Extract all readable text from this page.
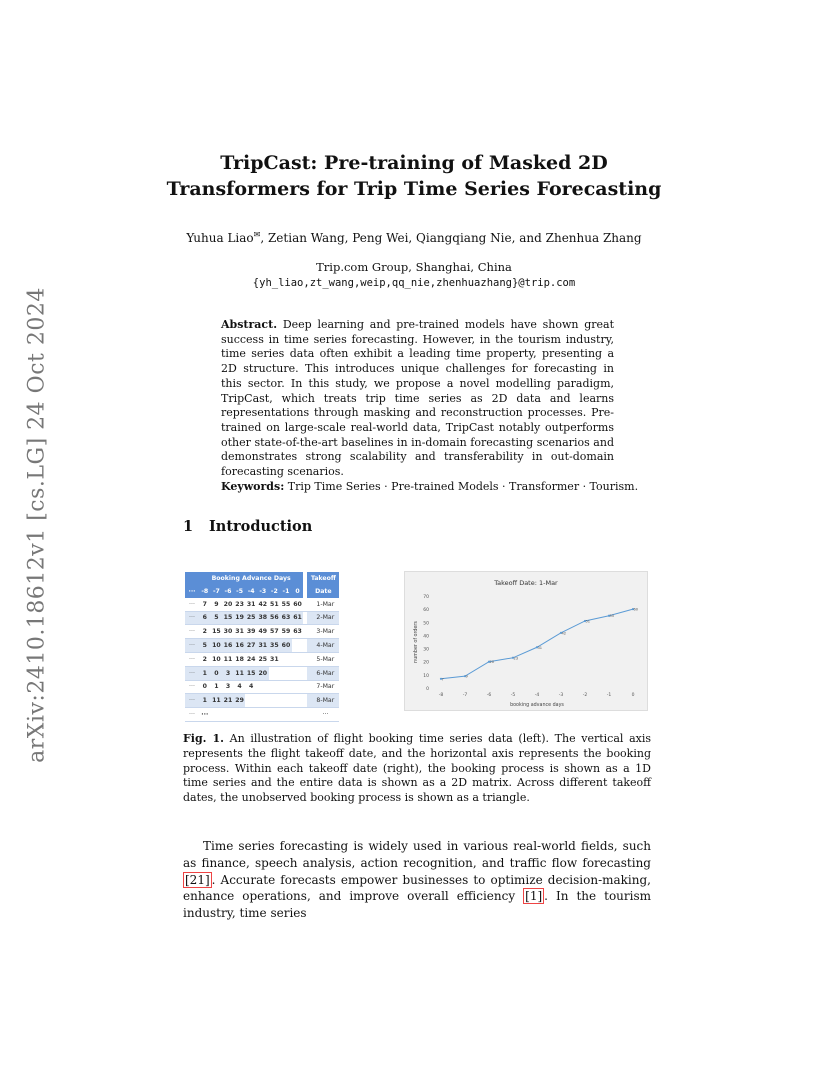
arXiv:2410.18612v1 [cs.LG] 24 Oct 2024
TripCast: Pre-training of Masked 2D
Transformers for Trip Time Series Forecasting
Yuhua Liao✉, Zetian Wang, Peng Wei, Qiangqiang Nie, and Zhenhua Zhang
Trip.com Group, Shanghai, China
{yh_liao,zt_wang,weip,qq_nie,zhenhuazhang}@trip.com
Abstract. Deep learning and pre-trained models have shown great success in time series forecasting. However, in the tourism industry, time series data often exhibit a leading time property, presenting a 2D structure. This introduces unique challenges for forecasting in this sector. In this study, we propose a novel modelling paradigm, TripCast, which treats trip time series as 2D data and learns representations through masking and reconstruction processes. Pre-trained on large-scale real-world data, TripCast notably outperforms other state-of-the-art baselines in in-domain forecasting scenarios and demonstrates strong scalability and transferability in out-domain forecasting scenarios.
Keywords: Trip Time Series · Pre-trained Models · Transformer · Tourism.
1 Introduction
	Booking Advance Days										Takeoff
···	-8	-7	-6	-5	-4	-3	-2	-1	0		Date
···	7	9	20	23	31	42	51	55	60		1-Mar
···	6	5	15	19	25	38	56	63	61		2-Mar
···	2	15	30	31	39	49	57	59	63		3-Mar
···	5	10	16	16	27	31	35	60			4-Mar
···	2	10	11	18	24	25	31				5-Mar
···	1	0	3	11	15	20					6-Mar
···	0	1	3	4	4						7-Mar
···	1	11	21	29							8-Mar
···	···										···
Takeoff Date: 1-Mar
0
10
20
30
40
50
60
70
-8	-7	-6	-5	-4	-3	-2	-1	0
booking advance days
number of orders
7
9
20
23
31
42
51
55
60
Fig. 1. An illustration of flight booking time series data (left). The vertical axis represents the flight takeoff date, and the horizontal axis represents the booking process. Within each takeoff date (right), the booking process is shown as a 1D time series and the entire data is shown as a 2D matrix. Across different takeoff dates, the unobserved booking process is shown as a triangle.
Time series forecasting is widely used in various real-world fields, such as finance, speech analysis, action recognition, and traffic flow forecasting [21] . Accurate forecasts empower businesses to optimize decision-making, enhance operations, and improve overall efficiency [1] . In the tourism industry, time series
